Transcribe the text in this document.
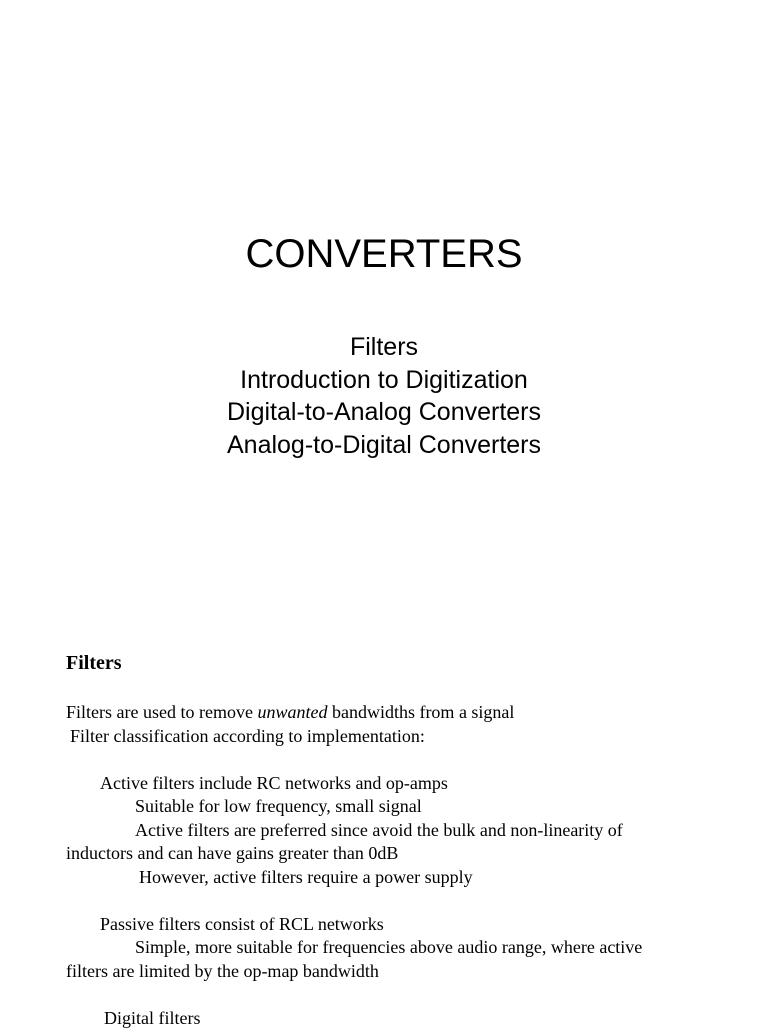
CONVERTERS
Filters
Introduction to Digitization
Digital-to-Analog Converters
Analog-to-Digital Converters
Filters

Filters are used to remove unwanted bandwidths from a signal

Filter classification according to implementation:

Active filters include RC networks and op-amps

Suitable for low frequency, small signal

Active filters are preferred since avoid the bulk and non-linearity of

inductors and can have gains greater than 0dB

However, active filters require a power supply

Passive filters consist of RCL networks

Simple, more suitable for frequencies above audio range, where active

filters are limited by the op-map bandwidth

Digital filters
